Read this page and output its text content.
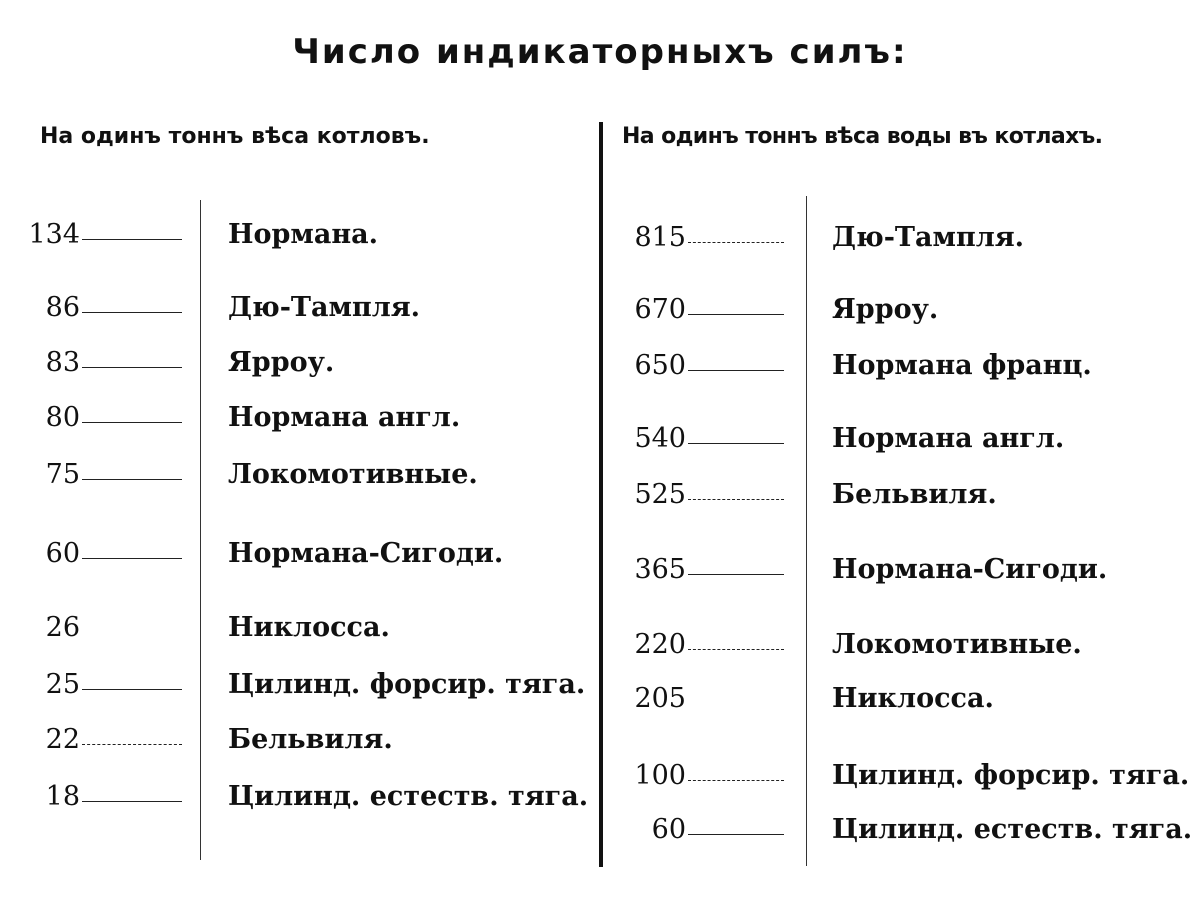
Число индикаторныхъ силъ:
На одинъ тоннъ вѣса котловъ.	На одинъ тоннъ вѣса воды въ котлахъ.
134	Нормана.
86	Дю-Тампля.
83	Ярроу.
80	Нормана англ.
75	Локомотивные.
60	Нормана-Сигоди.
26	Никлосса.
25	Цилинд. форсир. тяга.
22	Бельвиля.
18	Цилинд. естеств. тяга.
815	Дю-Тампля.
670	Ярроу.
650	Нормана франц.
540	Нормана англ.
525	Бельвиля.
365	Нормана-Сигоди.
220	Локомотивные.
205	Никлосса.
100	Цилинд. форсир. тяга.
60	Цилинд. естеств. тяга.
